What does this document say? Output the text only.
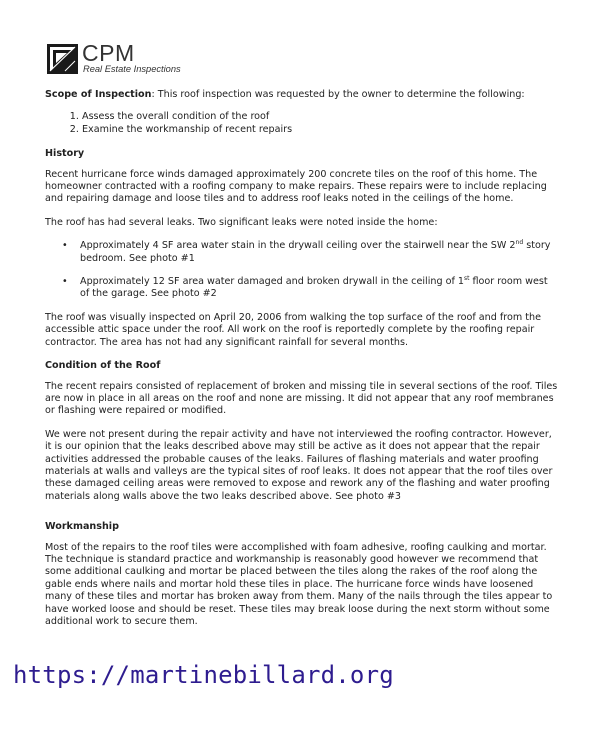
CPM
Real Estate Inspections

Scope of Inspection: This roof inspection was requested by the owner to determine the following:

1. Assess the overall condition of the roof
2. Examine the workmanship of recent repairs

History

Recent hurricane force winds damaged approximately 200 concrete tiles on the roof of this home. The homeowner contracted with a roofing company to make repairs. These repairs were to include replacing and repairing damage and loose tiles and to address roof leaks noted in the ceilings of the home.

The roof has had several leaks. Two significant leaks were noted inside the home:

• Approximately 4 SF area water stain in the drywall ceiling over the stairwell near the SW 2nd story bedroom. See photo #1
• Approximately 12 SF area water damaged and broken drywall in the ceiling of 1st floor room west of the garage. See photo #2

The roof was visually inspected on April 20, 2006 from walking the top surface of the roof and from the accessible attic space under the roof. All work on the roof is reportedly complete by the roofing repair contractor. The area has not had any significant rainfall for several months.

Condition of the Roof

The recent repairs consisted of replacement of broken and missing tile in several sections of the roof. Tiles are now in place in all areas on the roof and none are missing. It did not appear that any roof membranes or flashing were repaired or modified.

We were not present during the repair activity and have not interviewed the roofing contractor. However, it is our opinion that the leaks described above may still be active as it does not appear that the repair activities addressed the probable causes of the leaks. Failures of flashing materials and water proofing materials at walls and valleys are the typical sites of roof leaks. It does not appear that the roof tiles over these damaged ceiling areas were removed to expose and rework any of the flashing and water proofing materials along walls above the two leaks described above. See photo #3

Workmanship

Most of the repairs to the roof tiles were accomplished with foam adhesive, roofing caulking and mortar. The technique is standard practice and workmanship is reasonably good however we recommend that some additional caulking and mortar be placed between the tiles along the rakes of the roof along the gable ends where nails and mortar hold these tiles in place. The hurricane force winds have loosened many of these tiles and mortar has broken away from them. Many of the nails through the tiles appear to have worked loose and should be reset. These tiles may break loose during the next storm without some additional work to secure them.

https://martinebillard.org
